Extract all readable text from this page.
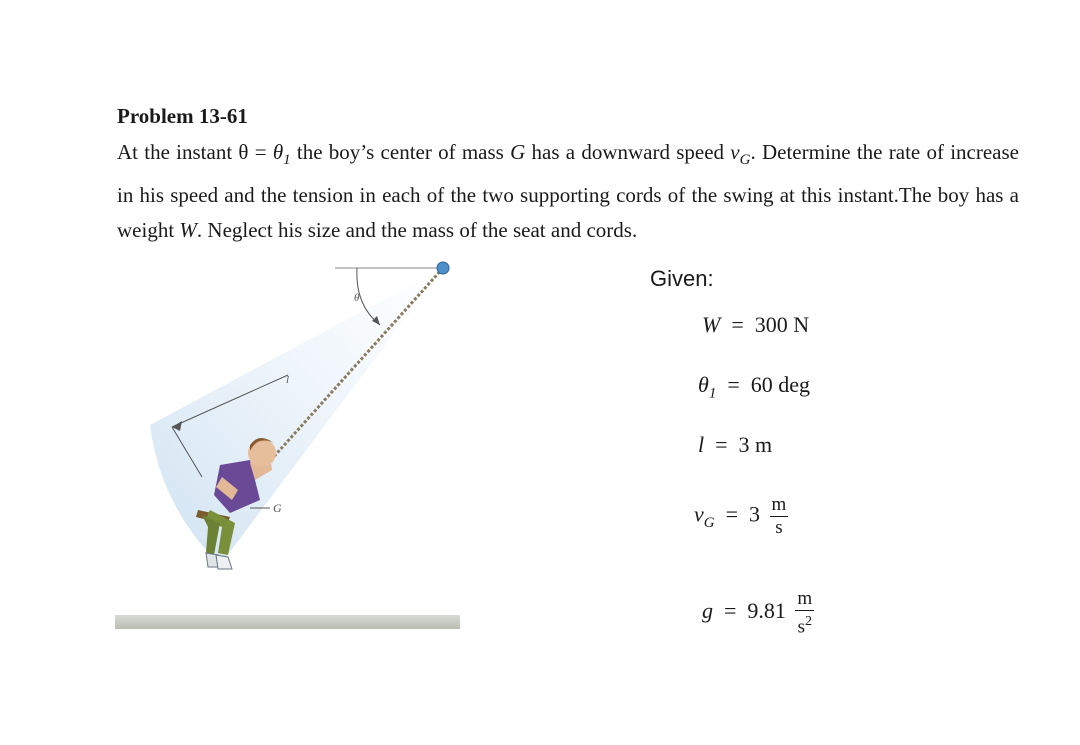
Problem 13-61
At the instant $\theta = \theta_1$ the boy’s center of mass G has a downward speed $v_G$. Determine the rate of increase in his speed and the tension in each of the two supporting cords of the swing at this instant.The boy has a weight W. Neglect his size and the mass of the seat and cords.
l
θ
G
Given:
W = 300 N
$\theta_1 = 60$ deg
l = 3 m
$v_G = 3 \frac{m}{s}$
$g = 9.81 \frac{m}{s^2}$
